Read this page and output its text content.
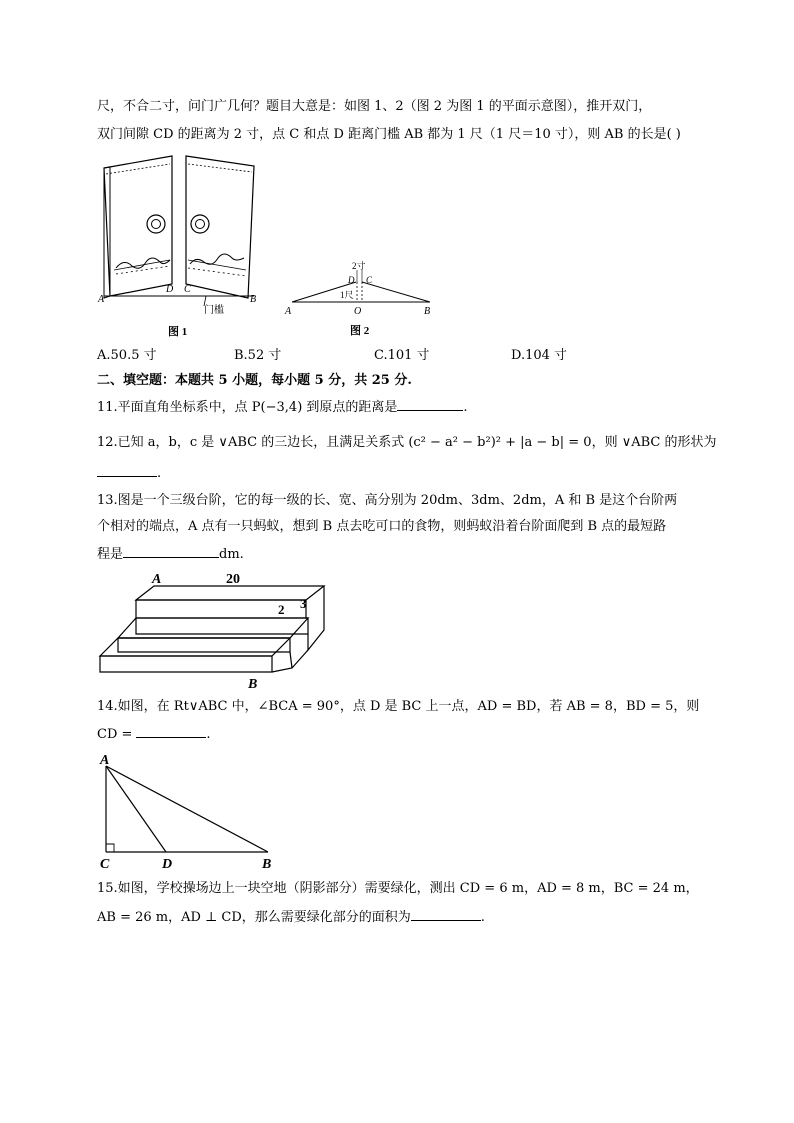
尺，不合二寸，问门广几何？题目大意是：如图 1、2（图 2 为图 1 的平面示意图），推开双门，
双门间隙 CD 的距离为 2 寸，点 C 和点 D 距离门槛 AB 都为 1 尺（1 尺＝10 寸），则 AB 的长是( )
A	B
D C
门槛
图 1
2寸
D C
1尺
A	O	B
图 2
A.50.5 寸	B.52 寸	C.101 寸	D.104 寸
二、填空题：本题共 5 小题，每小题 5 分，共 25 分.
11.平面直角坐标系中，点 P(−3,4) 到原点的距离是	.
12.已知 a，b，c 是 ∨ABC 的三边长，且满足关系式 (c² − a² − b²)² + |a − b| = 0，则 ∨ABC 的形状为
.
13.图是一个三级台阶，它的每一级的长、宽、高分别为 20dm、3dm、2dm，A 和 B 是这个台阶两
个相对的端点，A 点有一只蚂蚁，想到 B 点去吃可口的食物，则蚂蚁沿着台阶面爬到 B 点的最短路
程是	dm.
A	20
2 3
B
14.如图，在 Rt∨ABC 中，∠BCA = 90°，点 D 是 BC 上一点，AD = BD，若 AB = 8，BD = 5，则
CD =	.
A
C	D	B
15.如图，学校操场边上一块空地（阴影部分）需要绿化，测出 CD = 6 m，AD = 8 m，BC = 24 m，
AB = 26 m，AD ⊥ CD，那么需要绿化部分的面积为	.
